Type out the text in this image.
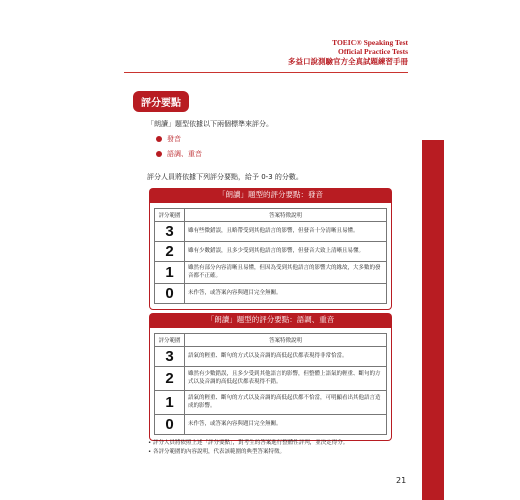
TOEIC® Speaking Test
Official Practice Tests
多益口說測驗官方全真試題練習手冊
評分要點
「朗讀」題型依據以下兩個標準來評分。
發音
語調、重音
評分人員將依據下列評分要點，給予 0-3 的分數。
「朗讀」題型的評分要點：發音
評分範圍	答案特徵說明
3	雖有些微錯誤，且略帶受到其他語言的影響，但發音十分清晰且易懂。
2	雖有少數錯誤，且多少受到其他語言的影響，但發音大致上清晰且易懂。
1	雖然有部分內容清晰且易懂，但因為受到其他語言的影響大的緣故，大多數的發音都不正確。
0	未作答，或答案內容與題目完全無關。
「朗讀」題型的評分要點：語調、重音
評分範圍	答案特徵說明
3	語氣的輕重、斷句的方式以及音調的高低起伏都表現得非常恰當。
2	雖然有少數錯誤，且多少受到其他語言的影響，但整體上語氣的輕重、斷句的方式以及音調的高低起伏都表現得不錯。
1	語氣的輕重、斷句的方式以及音調的高低起伏都不恰當，可明顯看出其他語言造成的影響。
0	未作答，或答案內容與題目完全無關。
• 評分人員將依照上述「評分要點」，對考生的答案進行整體性評判，並決定得分。
• 各評分範圍的內容說明，代表該範圍的典型答案特徵。
21
